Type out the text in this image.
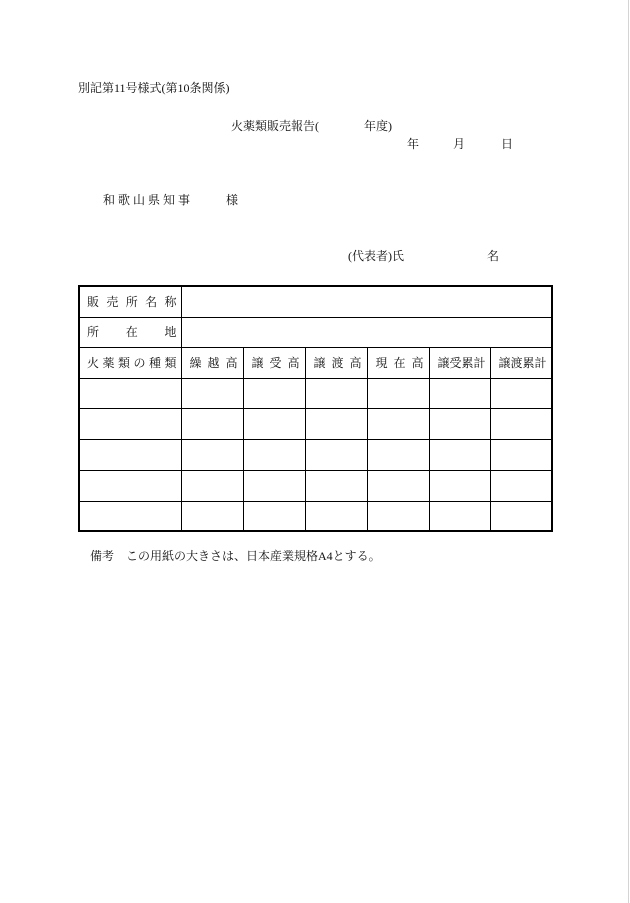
別記第11号様式(第10条関係)
火薬類販売報告(	年度)
年	月	日
和 歌 山 県 知 事	様
(代表者)氏	名
販 売 所 名 称						
所　在　地						
火 薬 類 の 種 類	繰 越 高	譲 受 高	譲 渡 高	現 在 高	譲受累計	譲渡累計

備考　この用紙の大きさは、日本産業規格A4とする。
